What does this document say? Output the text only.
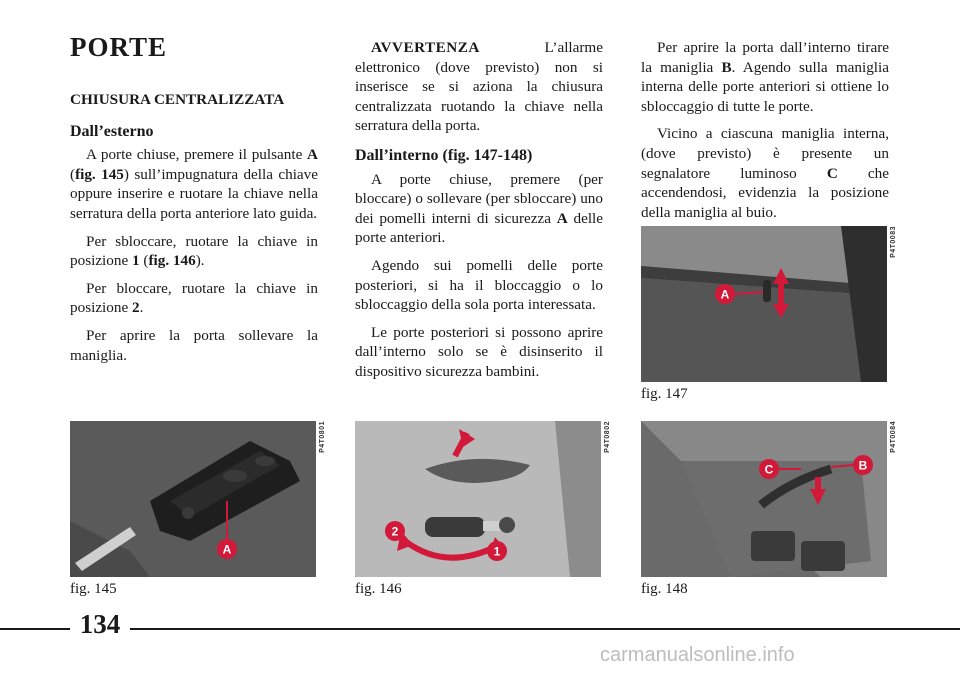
PORTE
CHIUSURA CENTRALIZZATA
Dall’esterno

A porte chiuse, premere il pulsante A (fig. 145) sull’impugnatura della chiave oppure inserire e ruotare la chiave nella serratura della porta anteriore lato guida.

Per sbloccare, ruotare la chiave in posizione 1 (fig. 146).

Per bloccare, ruotare la chiave in posizione 2.

Per aprire la porta sollevare la maniglia.

AVVERTENZA L’allarme elettronico (dove previsto) non si inserisce se si aziona la chiusura centralizzata ruotando la chiave nella serratura della porta.

Dall’interno (fig. 147-148)

A porte chiuse, premere (per bloccare) o sollevare (per sbloccare) uno dei pomelli interni di sicurezza A delle porte anteriori.

Agendo sui pomelli delle porte posteriori, si ha il bloccaggio o lo sbloccaggio della sola porta interessata.

Le porte posteriori si possono aprire dall’interno solo se è disinserito il dispositivo sicurezza bambini.

Per aprire la porta dall’interno tirare la maniglia B. Agendo sulla maniglia interna delle porte anteriori si ottiene lo sbloccaggio di tutte le porte.

Vicino a ciascuna maniglia interna, (dove previsto) è presente un segnalatore luminoso C che accendendosi, evidenzia la posizione della maniglia al buio.

A
P4T0083
fig. 147
A
P4T0801
fig. 145
2
1
P4T0802
fig. 146
C	B
P4T0084
fig. 148
134
carmanualsonline.info
